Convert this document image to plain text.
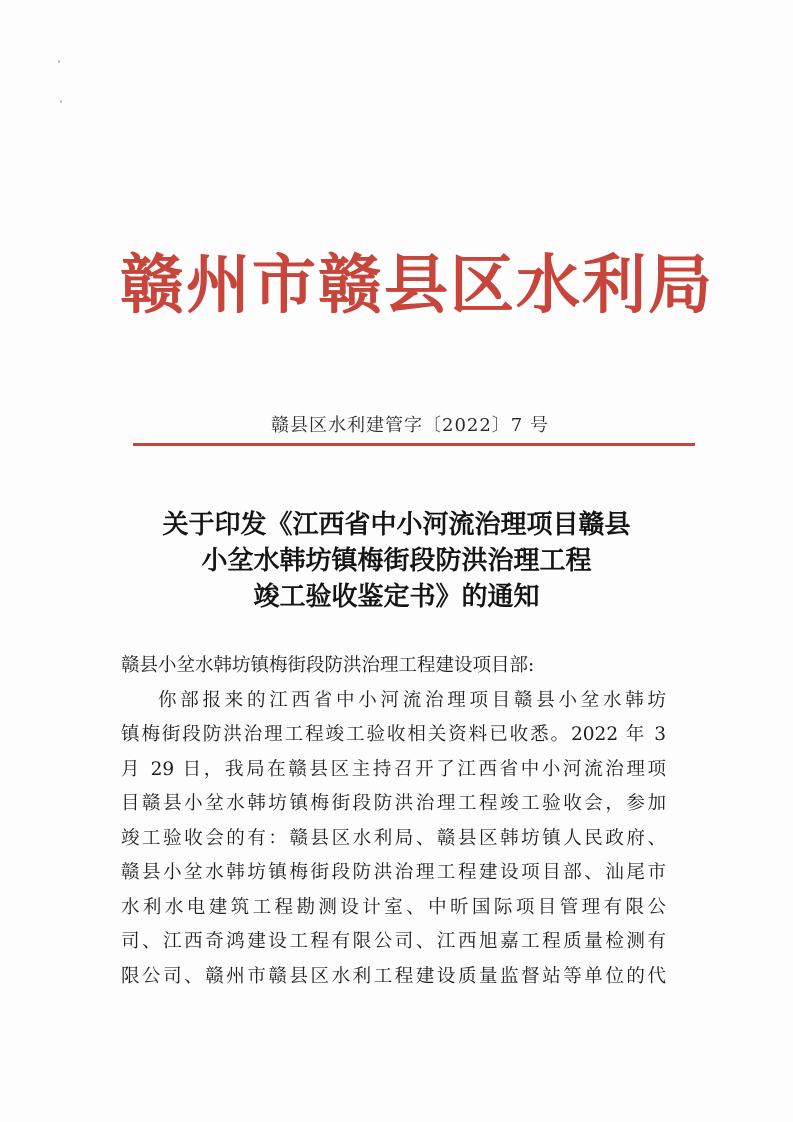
赣州市赣县区水利局
赣县区水利建管字〔2022〕7 号
关于印发《江西省中小河流治理项目赣县
小坌水韩坊镇梅街段防洪治理工程
竣工验收鉴定书》的通知
赣县小坌水韩坊镇梅街段防洪治理工程建设项目部:
你部报来的江西省中小河流治理项目赣县小坌水韩坊
镇梅街段防洪治理工程竣工验收相关资料已收悉。2022 年 3
月 29 日，我局在赣县区主持召开了江西省中小河流治理项
目赣县小坌水韩坊镇梅街段防洪治理工程竣工验收会，参加
竣工验收会的有：赣县区水利局、赣县区韩坊镇人民政府、
赣县小坌水韩坊镇梅街段防洪治理工程建设项目部、汕尾市
水利水电建筑工程勘测设计室、中昕国际项目管理有限公
司、江西奇鸿建设工程有限公司、江西旭嘉工程质量检测有
限公司、赣州市赣县区水利工程建设质量监督站等单位的代
